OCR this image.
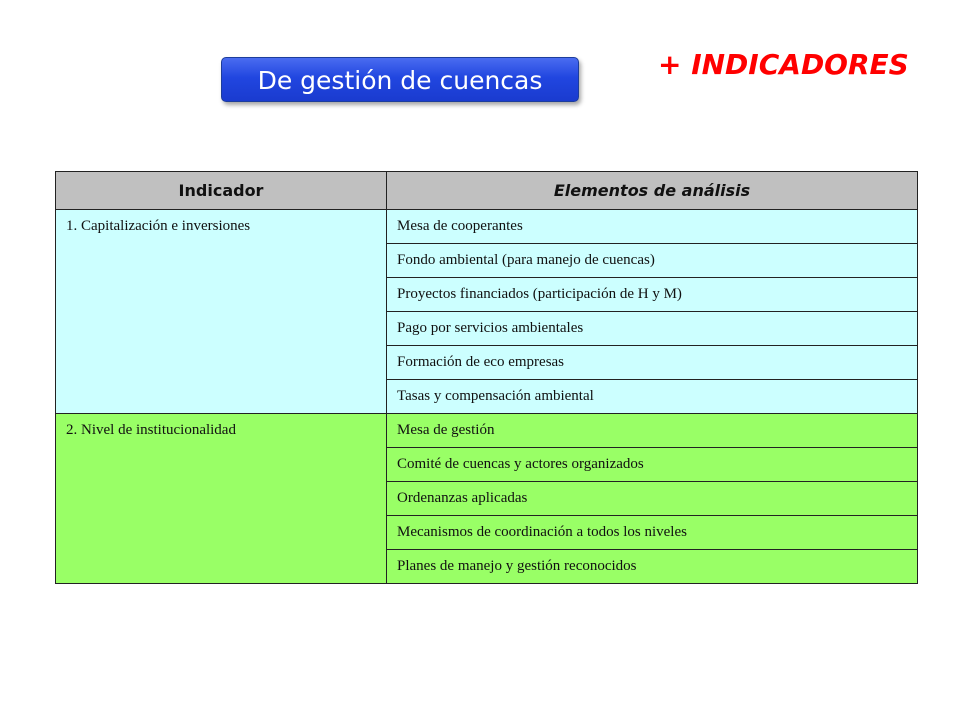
De gestión de cuencas	+ INDICADORES
Indicador	Elementos de análisis
1. Capitalización e inversiones	Mesa de cooperantes
	Fondo ambiental (para manejo de cuencas)
	Proyectos financiados (participación de H y M)
	Pago por servicios ambientales
	Formación de eco empresas
	Tasas y compensación ambiental
2. Nivel de institucionalidad	Mesa de gestión
	Comité de cuencas y actores organizados
	Ordenanzas aplicadas
	Mecanismos de coordinación a todos los niveles
	Planes de manejo y gestión reconocidos
